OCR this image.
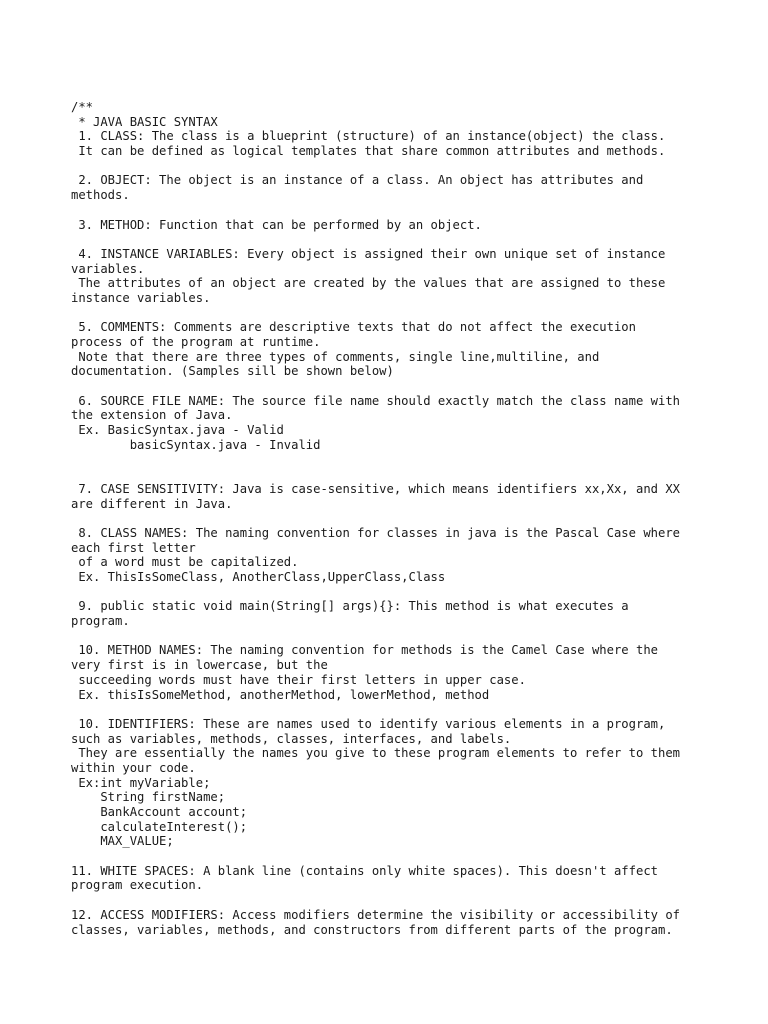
/**
* JAVA BASIC SYNTAX
1. CLASS: The class is a blueprint (structure) of an instance(object) the class.
It can be defined as logical templates that share common attributes and methods.
2. OBJECT: The object is an instance of a class. An object has attributes and
methods.
3. METHOD: Function that can be performed by an object.
4. INSTANCE VARIABLES: Every object is assigned their own unique set of instance
variables.
The attributes of an object are created by the values that are assigned to these
instance variables.
5. COMMENTS: Comments are descriptive texts that do not affect the execution
process of the program at runtime.
Note that there are three types of comments, single line,multiline, and
documentation. (Samples sill be shown below)
6. SOURCE FILE NAME: The source file name should exactly match the class name with
the extension of Java.
Ex. BasicSyntax.java - Valid
basicSyntax.java - Invalid
7. CASE SENSITIVITY: Java is case-sensitive, which means identifiers xx,Xx, and XX
are different in Java.
8. CLASS NAMES: The naming convention for classes in java is the Pascal Case where
each first letter
of a word must be capitalized.
Ex. ThisIsSomeClass, AnotherClass,UpperClass,Class
9. public static void main(String[] args){}: This method is what executes a
program.
10. METHOD NAMES: The naming convention for methods is the Camel Case where the
very first is in lowercase, but the
succeeding words must have their first letters in upper case.
Ex. thisIsSomeMethod, anotherMethod, lowerMethod, method
10. IDENTIFIERS: These are names used to identify various elements in a program,
such as variables, methods, classes, interfaces, and labels.
They are essentially the names you give to these program elements to refer to them
within your code.
Ex:int myVariable;
String firstName;
BankAccount account;
calculateInterest();
MAX_VALUE;
11. WHITE SPACES: A blank line (contains only white spaces). This doesn't affect
program execution.
12. ACCESS MODIFIERS: Access modifiers determine the visibility or accessibility of
classes, variables, methods, and constructors from different parts of the program.
